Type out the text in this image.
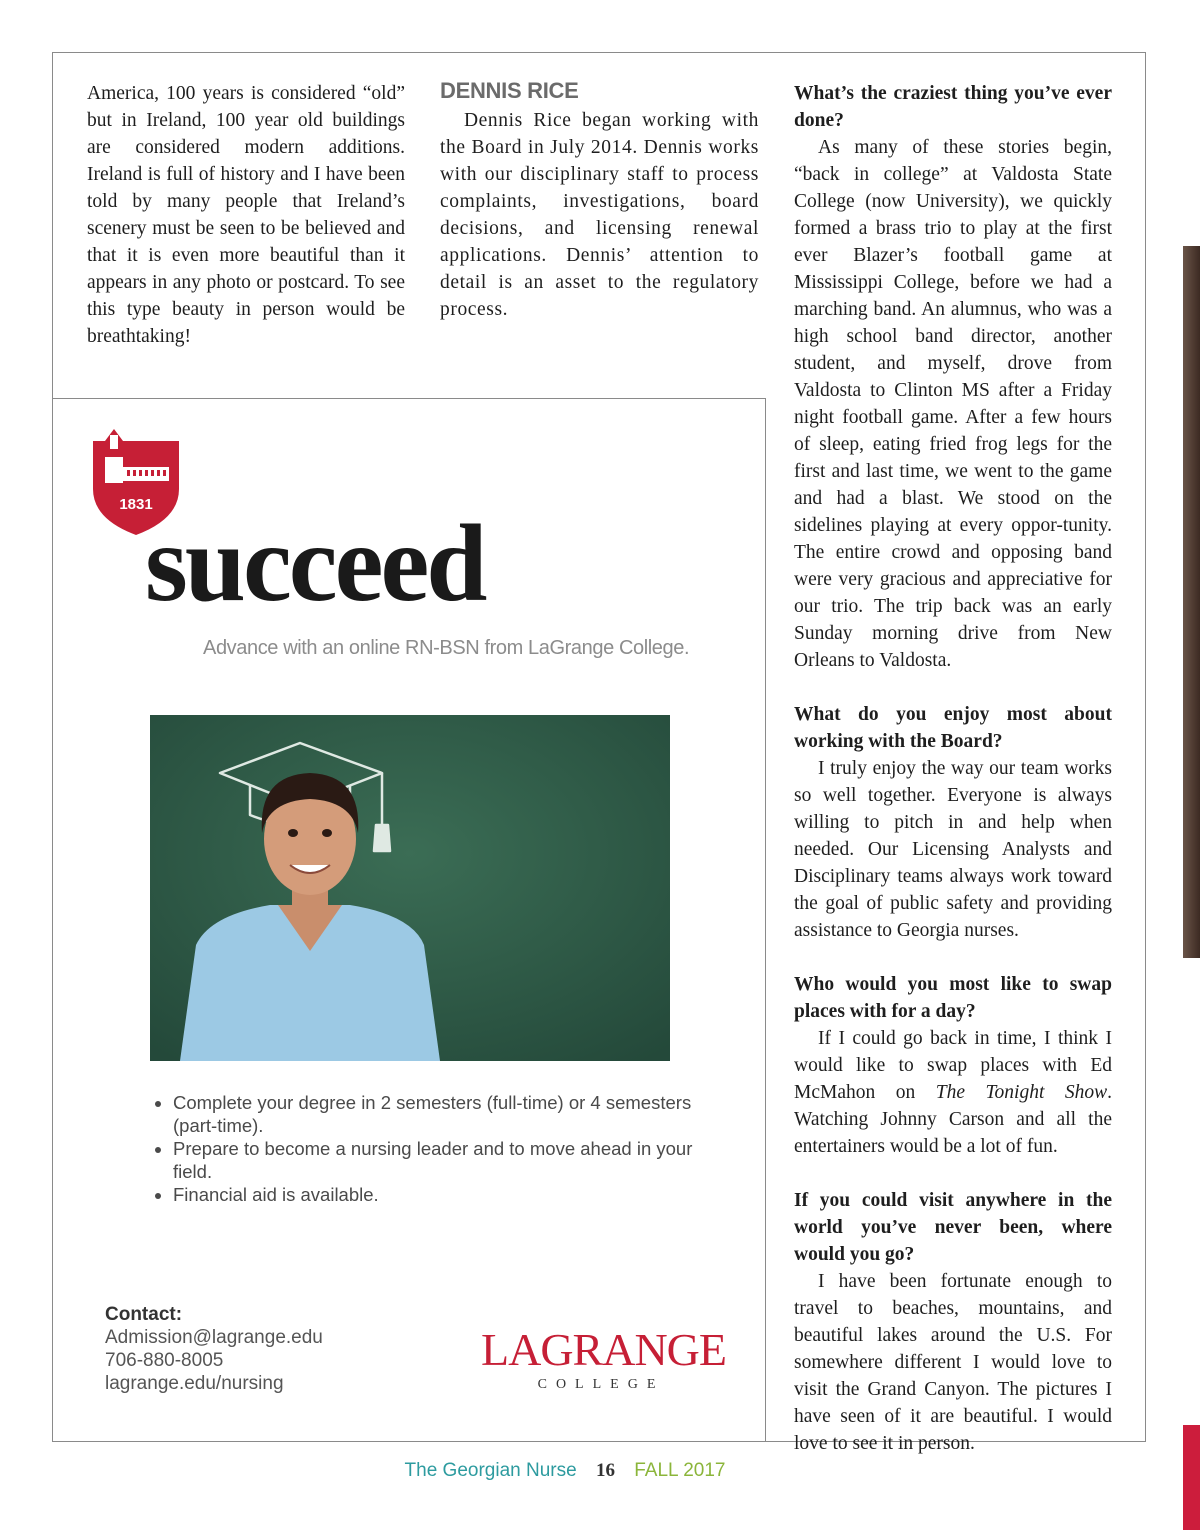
America, 100 years is considered “old” but in Ireland, 100 year old buildings are considered modern additions. Ireland is full of history and I have been told by many people that Ireland’s scenery must be seen to be believed and that it is even more beautiful than it appears in any photo or postcard. To see this type beauty in person would be breathtaking!

DENNIS RICE

Dennis Rice began working with the Board in July 2014. Dennis works with our disciplinary staff to process complaints, investigations, board decisions, and licensing renewal applications. Dennis’ attention to detail is an asset to the regulatory process.

What’s the craziest thing you’ve ever done?

As many of these stories begin, “back in college” at Valdosta State College (now University), we quickly formed a brass trio to play at the first ever Blazer’s football game at Mississippi College, before we had a marching band. An alumnus, who was a high school band director, another student, and myself, drove from Valdosta to Clinton MS after a Friday night football game. After a few hours of sleep, eating fried frog legs for the first and last time, we went to the game and had a blast. We stood on the sidelines playing at every oppor-tunity. The entire crowd and opposing band were very gracious and appreciative for our trio. The trip back was an early Sunday morning drive from New Orleans to Valdosta.

What do you enjoy most about working with the Board?

I truly enjoy the way our team works so well together. Everyone is always willing to pitch in and help when needed. Our Licensing Analysts and Disciplinary teams always work toward the goal of public safety and providing assistance to Georgia nurses.

Who would you most like to swap places with for a day?

If I could go back in time, I think I would like to swap places with Ed McMahon on The Tonight Show. Watching Johnny Carson and all the entertainers would be a lot of fun.

If you could visit anywhere in the world you’ve never been, where would you go?

I have been fortunate enough to travel to beaches, mountains, and beautiful lakes around the U.S. For somewhere different I would love to visit the Grand Canyon. The pictures I have seen of it are beautiful. I would love to see it in person.

1831
succeed

Advance with an online RN-BSN from LaGrange College.

• Complete your degree in 2 semesters (full-time) or 4 semesters (part-time).
• Prepare to become a nursing leader and to move ahead in your field.
• Financial aid is available.
Contact:
Admission@lagrange.edu
706-880-8005
lagrange.edu/nursing
LAGRANGE
COLLEGE
The Georgian Nurse 16 FALL 2017
